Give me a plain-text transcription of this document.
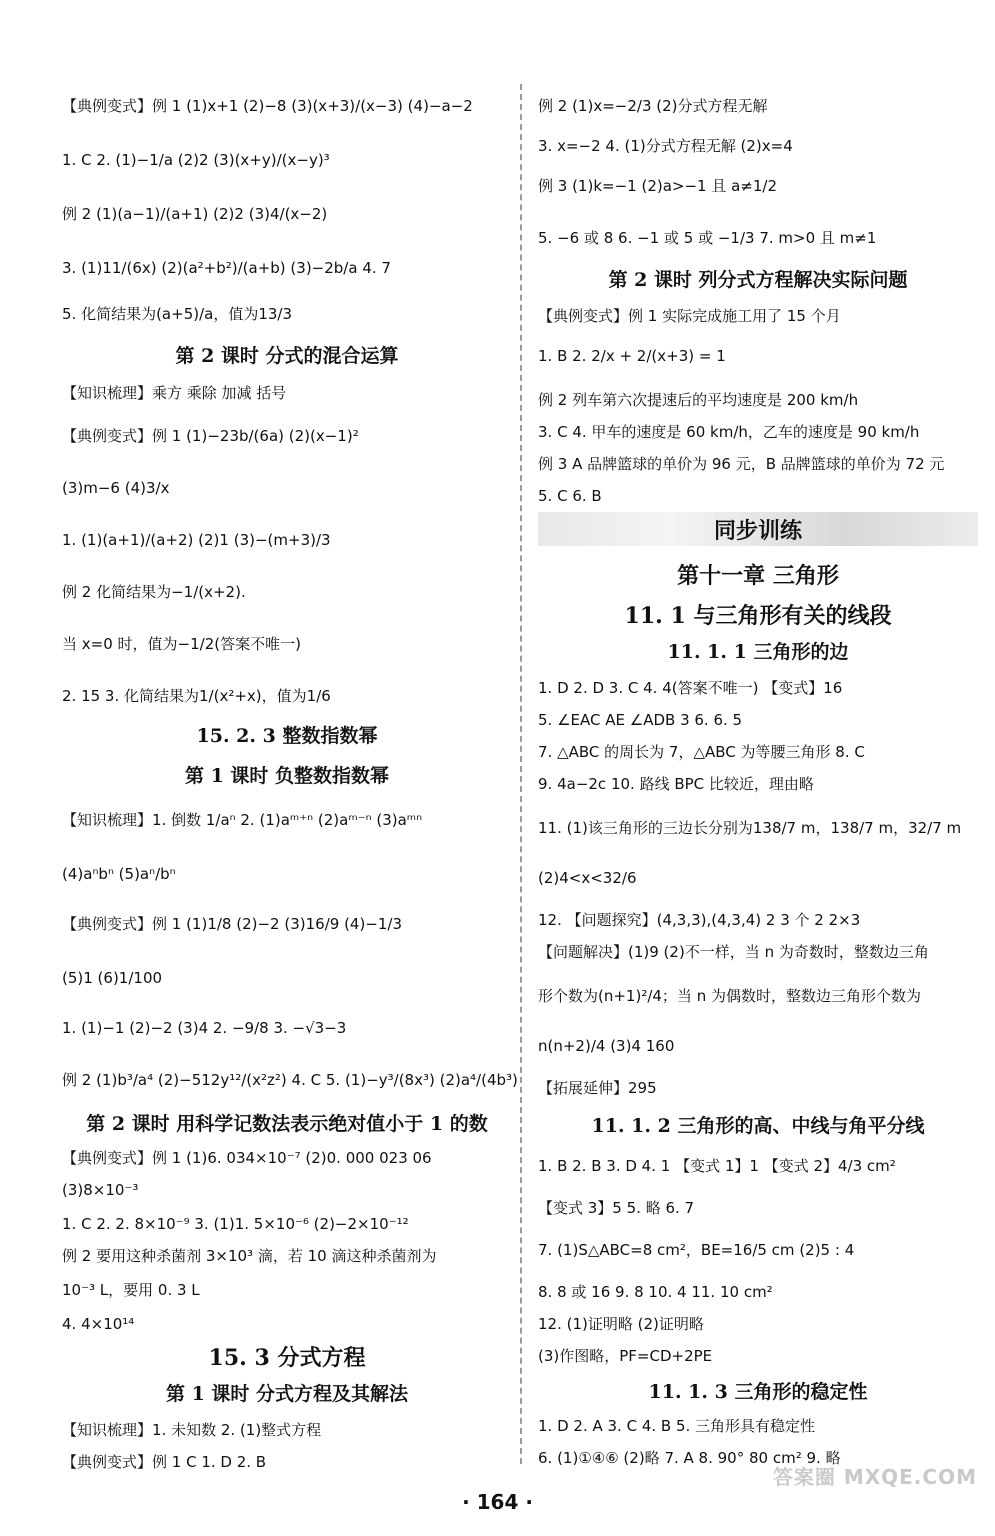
【典例变式】例 1 (1)x+1 (2)−8 (3)(x+3)/(x−3) (4)−a−2
1. C 2. (1)−1/a (2)2 (3)(x+y)/(x−y)³
例 2 (1)(a−1)/(a+1) (2)2 (3)4/(x−2)
3. (1)11/(6x) (2)(a²+b²)/(a+b) (3)−2b/a 4. 7
5. 化简结果为(a+5)/a，值为13/3
第 2 课时 分式的混合运算
【知识梳理】乘方 乘除 加减 括号
【典例变式】例 1 (1)−23b/(6a) (2)(x−1)²
(3)m−6 (4)3/x
1. (1)(a+1)/(a+2) (2)1 (3)−(m+3)/3
例 2 化简结果为−1/(x+2).
当 x=0 时，值为−1/2(答案不唯一)
2. 15 3. 化简结果为1/(x²+x)，值为1/6
15. 2. 3 整数指数幂
第 1 课时 负整数指数幂
【知识梳理】1. 倒数 1/aⁿ 2. (1)aᵐ⁺ⁿ (2)aᵐ⁻ⁿ (3)aᵐⁿ
(4)aⁿbⁿ (5)aⁿ/bⁿ
【典例变式】例 1 (1)1/8 (2)−2 (3)16/9 (4)−1/3
(5)1 (6)1/100
1. (1)−1 (2)−2 (3)4 2. −9/8 3. −√3−3
例 2 (1)b³/a⁴ (2)−512y¹²/(x²z²) 4. C 5. (1)−y³/(8x³) (2)a⁴/(4b³)
第 2 课时 用科学记数法表示绝对值小于 1 的数
【典例变式】例 1 (1)6. 034×10⁻⁷ (2)0. 000 023 06
(3)8×10⁻³
1. C 2. 2. 8×10⁻⁹ 3. (1)1. 5×10⁻⁶ (2)−2×10⁻¹²
例 2 要用这种杀菌剂 3×10³ 滴，若 10 滴这种杀菌剂为
10⁻³ L，要用 0. 3 L
4. 4×10¹⁴
15. 3 分式方程
第 1 课时 分式方程及其解法
【知识梳理】1. 未知数 2. (1)整式方程
【典例变式】例 1 C 1. D 2. B
同步训练
例 2 (1)x=−2/3 (2)分式方程无解
3. x=−2 4. (1)分式方程无解 (2)x=4
例 3 (1)k=−1 (2)a>−1 且 a≠1/2
5. −6 或 8 6. −1 或 5 或 −1/3 7. m>0 且 m≠1
第 2 课时 列分式方程解决实际问题
【典例变式】例 1 实际完成施工用了 15 个月
1. B 2. 2/x + 2/(x+3) = 1
例 2 列车第六次提速后的平均速度是 200 km/h
3. C 4. 甲车的速度是 60 km/h，乙车的速度是 90 km/h
例 3 A 品牌篮球的单价为 96 元，B 品牌篮球的单价为 72 元
5. C 6. B
第十一章 三角形
11. 1 与三角形有关的线段
11. 1. 1 三角形的边
1. D 2. D 3. C 4. 4(答案不唯一) 【变式】16
5. ∠EAC AE ∠ADB 3 6. 6. 5
7. △ABC 的周长为 7，△ABC 为等腰三角形 8. C
9. 4a−2c 10. 路线 BPC 比较近，理由略
11. (1)该三角形的三边长分别为138/7 m，138/7 m，32/7 m
(2)4<x<32/6
12. 【问题探究】(4,3,3),(4,3,4) 2 3 个 2 2×3
【问题解决】(1)9 (2)不一样，当 n 为奇数时，整数边三角
形个数为(n+1)²/4；当 n 为偶数时，整数边三角形个数为
n(n+2)/4 (3)4 160
【拓展延伸】295
11. 1. 2 三角形的高、中线与角平分线
1. B 2. B 3. D 4. 1 【变式 1】1 【变式 2】4/3 cm²
【变式 3】5 5. 略 6. 7
7. (1)S△ABC=8 cm²，BE=16/5 cm (2)5 : 4
8. 8 或 16 9. 8 10. 4 11. 10 cm²
12. (1)证明略 (2)证明略
(3)作图略，PF=CD+2PE
11. 1. 3 三角形的稳定性
1. D 2. A 3. C 4. B 5. 三角形具有稳定性
6. (1)①④⑥ (2)略 7. A 8. 90° 80 cm² 9. 略
· 164 ·
答案圈 MXQE.COM
